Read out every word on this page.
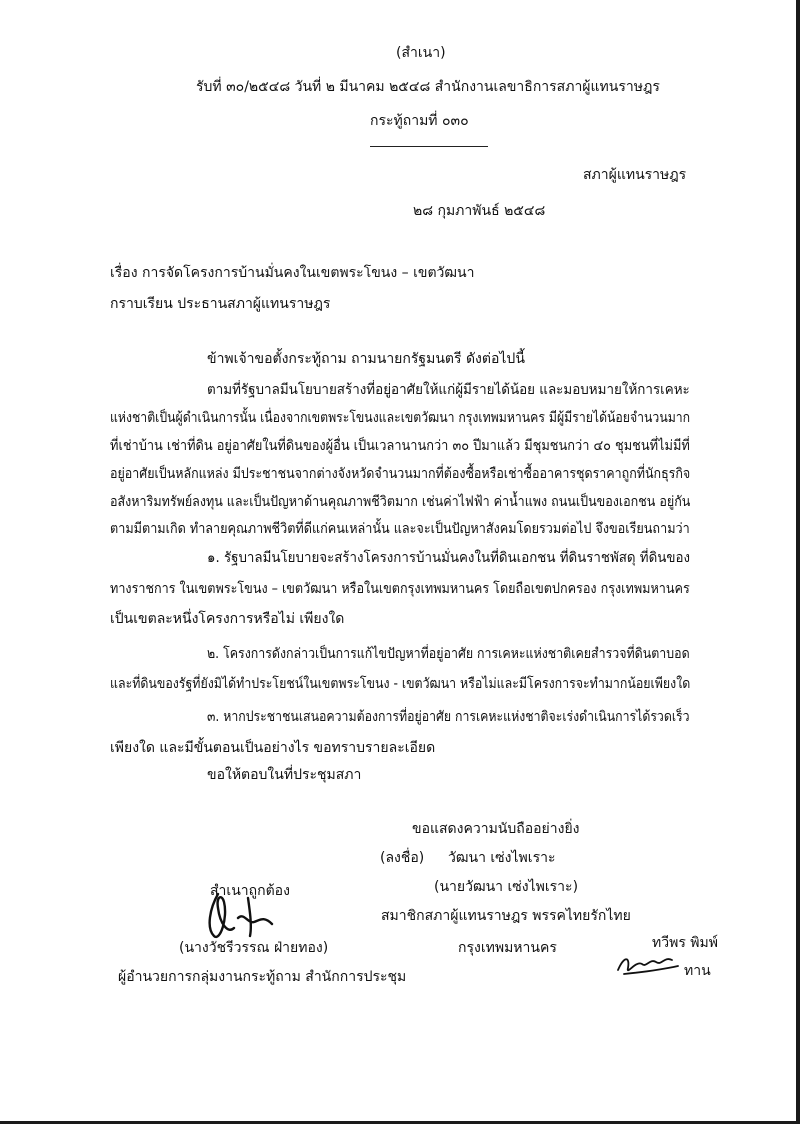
(สำเนา)
รับที่ ๓๐/๒๕๔๘ วันที่ ๒ มีนาคม ๒๕๔๘ สำนักงานเลขาธิการสภาผู้แทนราษฎร
กระทู้ถามที่ ๐๓๐
สภาผู้แทนราษฎร
๒๘ กุมภาพันธ์ ๒๕๔๘
เรื่อง การจัดโครงการบ้านมั่นคงในเขตพระโขนง – เขตวัฒนา
กราบเรียน ประธานสภาผู้แทนราษฎร
ข้าพเจ้าขอตั้งกระทู้ถาม ถามนายกรัฐมนตรี ดังต่อไปนี้
ตามที่รัฐบาลมีนโยบายสร้างที่อยู่อาศัยให้แก่ผู้มีรายได้น้อย และมอบหมายให้การเคหะ
แห่งชาติเป็นผู้ดำเนินการนั้น เนื่องจากเขตพระโขนงและเขตวัฒนา กรุงเทพมหานคร มีผู้มีรายได้น้อยจำนวนมาก
ที่เช่าบ้าน เช่าที่ดิน อยู่อาศัยในที่ดินของผู้อื่น เป็นเวลานานกว่า ๓๐ ปีมาแล้ว มีชุมชนกว่า ๔๐ ชุมชนที่ไม่มีที่
อยู่อาศัยเป็นหลักแหล่ง มีประชาชนจากต่างจังหวัดจำนวนมากที่ต้องซื้อหรือเช่าซื้ออาคารชุดราคาถูกที่นักธุรกิจ
อสังหาริมทรัพย์ลงทุน และเป็นปัญหาด้านคุณภาพชีวิตมาก เช่นค่าไฟฟ้า ค่าน้ำแพง ถนนเป็นของเอกชน อยู่กัน
ตามมีตามเกิด ทำลายคุณภาพชีวิตที่ดีแก่คนเหล่านั้น และจะเป็นปัญหาสังคมโดยรวมต่อไป จึงขอเรียนถามว่า
๑. รัฐบาลมีนโยบายจะสร้างโครงการบ้านมั่นคงในที่ดินเอกชน ที่ดินราชพัสดุ ที่ดินของ
ทางราชการ ในเขตพระโขนง – เขตวัฒนา หรือในเขตกรุงเทพมหานคร โดยถือเขตปกครอง กรุงเทพมหานคร
เป็นเขตละหนึ่งโครงการหรือไม่ เพียงใด
๒. โครงการดังกล่าวเป็นการแก้ไขปัญหาที่อยู่อาศัย การเคหะแห่งชาติเคยสำรวจที่ดินตาบอด
และที่ดินของรัฐที่ยังมิได้ทำประโยชน์ในเขตพระโขนง - เขตวัฒนา หรือไม่และมีโครงการจะทำมากน้อยเพียงใด
๓. หากประชาชนเสนอความต้องการที่อยู่อาศัย การเคหะแห่งชาติจะเร่งดำเนินการได้รวดเร็ว
เพียงใด และมีขั้นตอนเป็นอย่างไร ขอทราบรายละเอียด
ขอให้ตอบในที่ประชุมสภา
ขอแสดงความนับถืออย่างยิ่ง
(ลงชื่อ) วัฒนา เซ่งไพเราะ
(นายวัฒนา เซ่งไพเราะ)
สมาชิกสภาผู้แทนราษฎร พรรคไทยรักไทย
กรุงเทพมหานคร
สำเนาถูกต้อง
(นางวัชรีวรรณ ฝ่ายทอง)
ผู้อำนวยการกลุ่มงานกระทู้ถาม สำนักการประชุม
ทวีพร พิมพ์
ทาน
